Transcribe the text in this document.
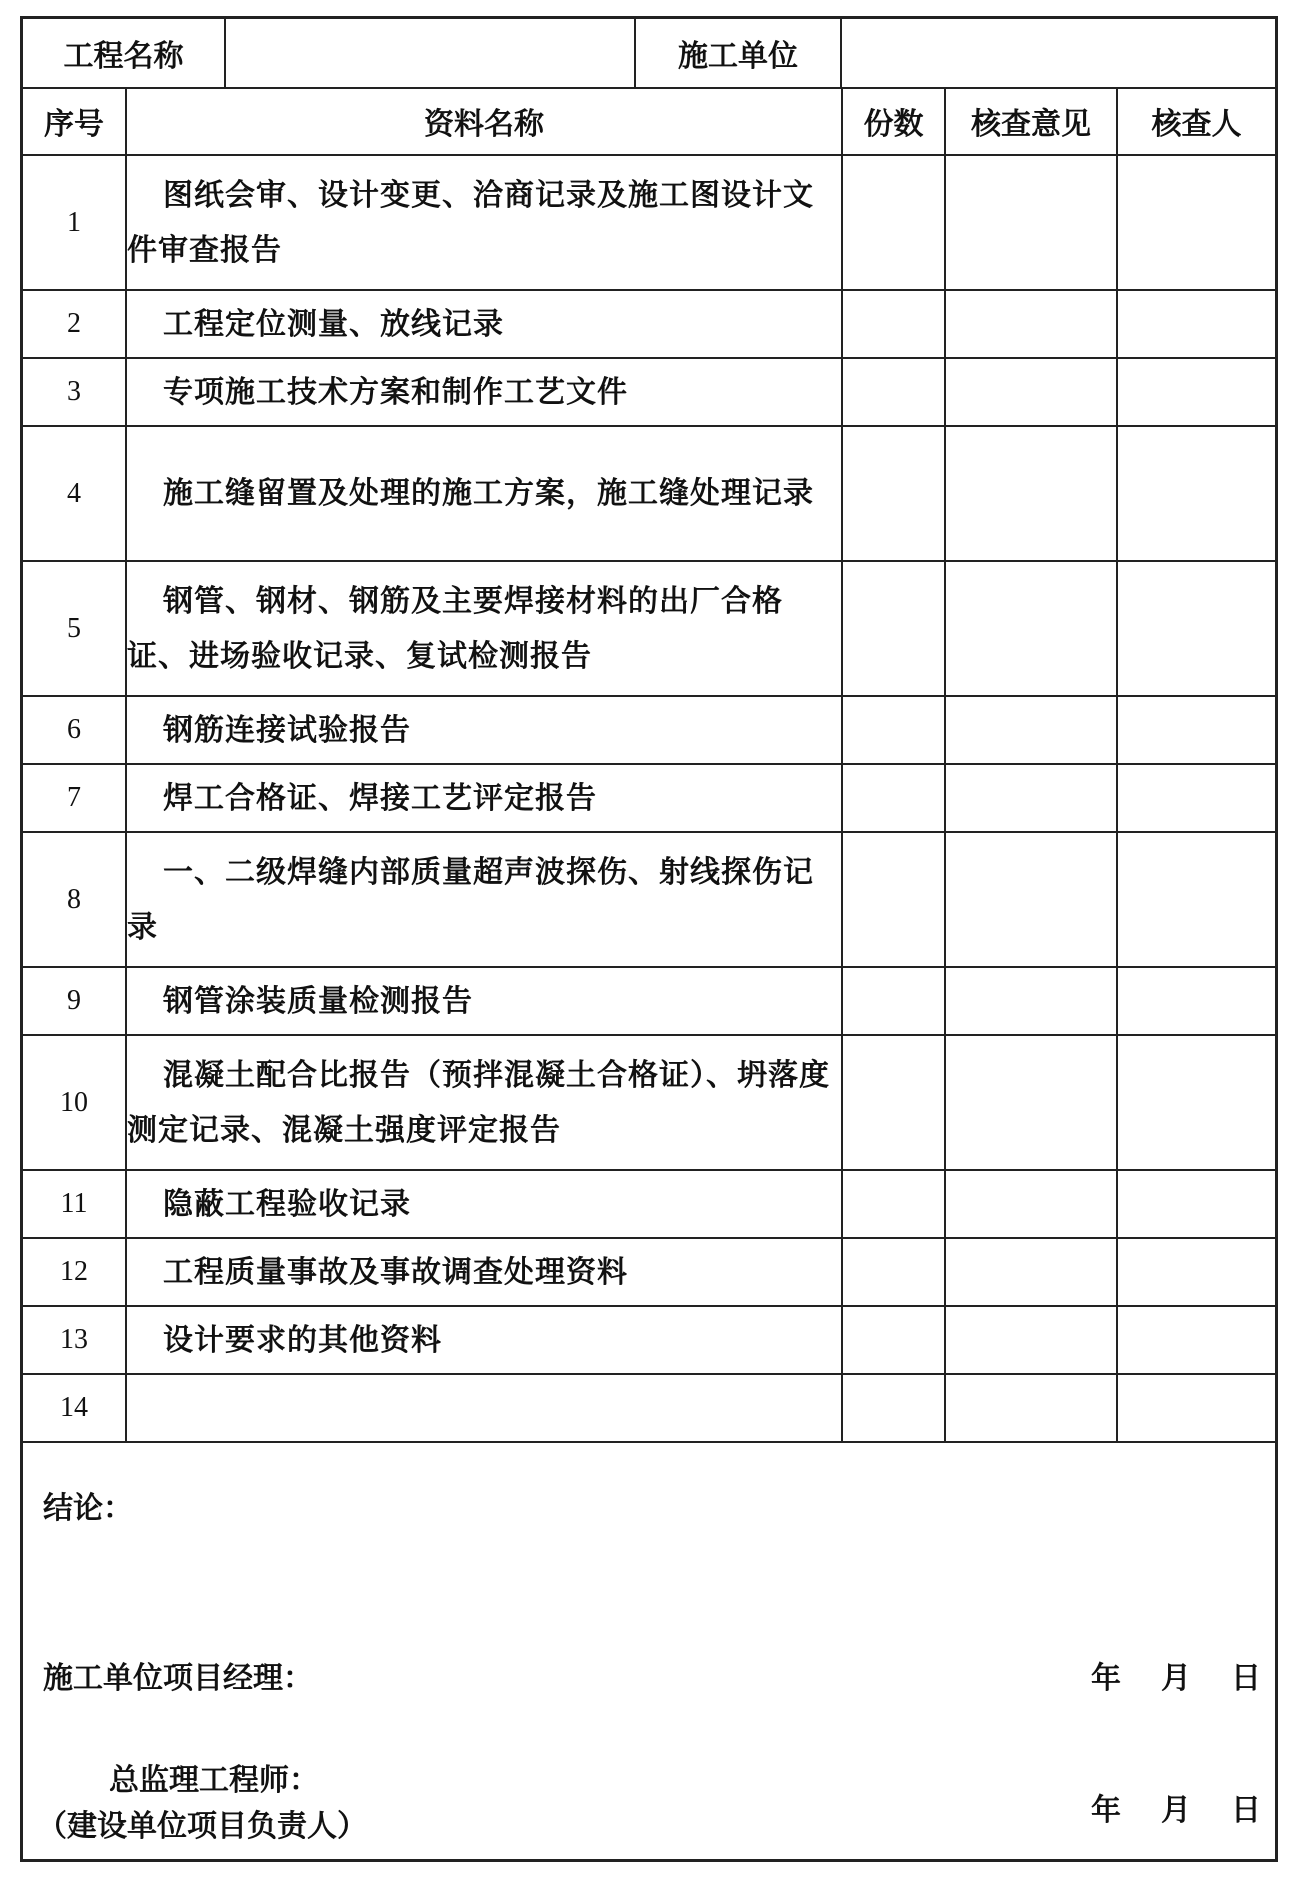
工程名称	施工单位
序号	资料名称	份数	核查意见	核查人
1	图纸会审、设计变更、洽商记录及施工图设计文件审查报告			
2	工程定位测量、放线记录			
3	专项施工技术方案和制作工艺文件			
4	施工缝留置及处理的施工方案，施工缝处理记录			
5	钢管、钢材、钢筋及主要焊接材料的出厂合格证、进场验收记录、复试检测报告			
6	钢筋连接试验报告			
7	焊工合格证、焊接工艺评定报告			
8	一、二级焊缝内部质量超声波探伤、射线探伤记录			
9	钢管涂装质量检测报告			
10	混凝土配合比报告（预拌混凝土合格证）、坍落度测定记录、混凝土强度评定报告			
11	隐蔽工程验收记录			
12	工程质量事故及事故调查处理资料			
13	设计要求的其他资料			
14				
结论：
施工单位项目经理：	年 月 日
总监理工程师：
（建设单位项目负责人）	年 月 日
